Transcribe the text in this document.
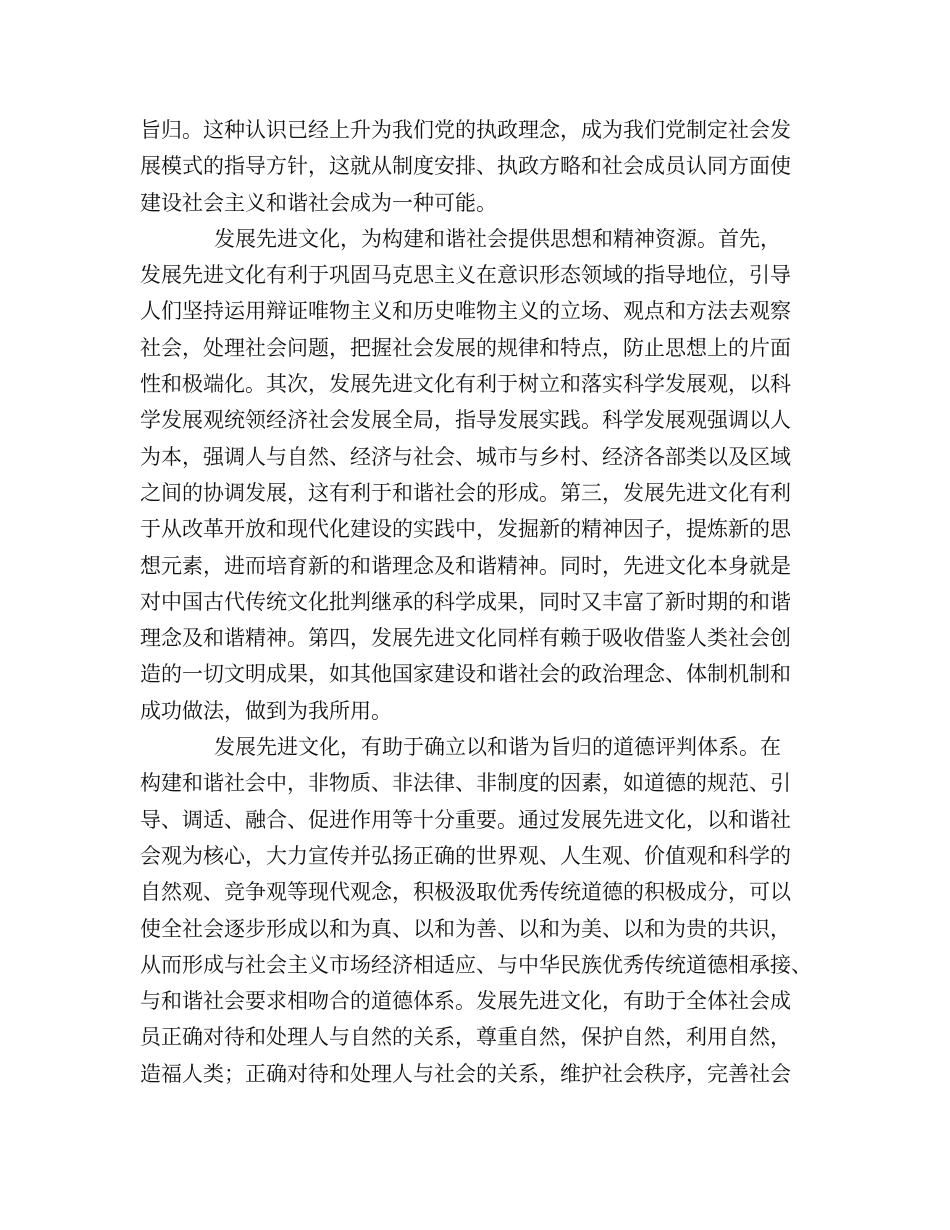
旨归。这种认识已经上升为我们党的执政理念，成为我们党制定社会发
展模式的指导方针，这就从制度安排、执政方略和社会成员认同方面使
建设社会主义和谐社会成为一种可能。
发展先进文化，为构建和谐社会提供思想和精神资源。首先，
发展先进文化有利于巩固马克思主义在意识形态领域的指导地位，引导
人们坚持运用辩证唯物主义和历史唯物主义的立场、观点和方法去观察
社会，处理社会问题，把握社会发展的规律和特点，防止思想上的片面
性和极端化。其次，发展先进文化有利于树立和落实科学发展观，以科
学发展观统领经济社会发展全局，指导发展实践。科学发展观强调以人
为本，强调人与自然、经济与社会、城市与乡村、经济各部类以及区域
之间的协调发展，这有利于和谐社会的形成。第三，发展先进文化有利
于从改革开放和现代化建设的实践中，发掘新的精神因子，提炼新的思
想元素，进而培育新的和谐理念及和谐精神。同时，先进文化本身就是
对中国古代传统文化批判继承的科学成果，同时又丰富了新时期的和谐
理念及和谐精神。第四，发展先进文化同样有赖于吸收借鉴人类社会创
造的一切文明成果，如其他国家建设和谐社会的政治理念、体制机制和
成功做法，做到为我所用。
发展先进文化，有助于确立以和谐为旨归的道德评判体系。在
构建和谐社会中，非物质、非法律、非制度的因素，如道德的规范、引
导、调适、融合、促进作用等十分重要。通过发展先进文化，以和谐社
会观为核心，大力宣传并弘扬正确的世界观、人生观、价值观和科学的
自然观、竞争观等现代观念，积极汲取优秀传统道德的积极成分，可以
使全社会逐步形成以和为真、以和为善、以和为美、以和为贵的共识，
从而形成与社会主义市场经济相适应、与中华民族优秀传统道德相承接、
与和谐社会要求相吻合的道德体系。发展先进文化，有助于全体社会成
员正确对待和处理人与自然的关系，尊重自然，保护自然，利用自然，
造福人类；正确对待和处理人与社会的关系，维护社会秩序，完善社会
